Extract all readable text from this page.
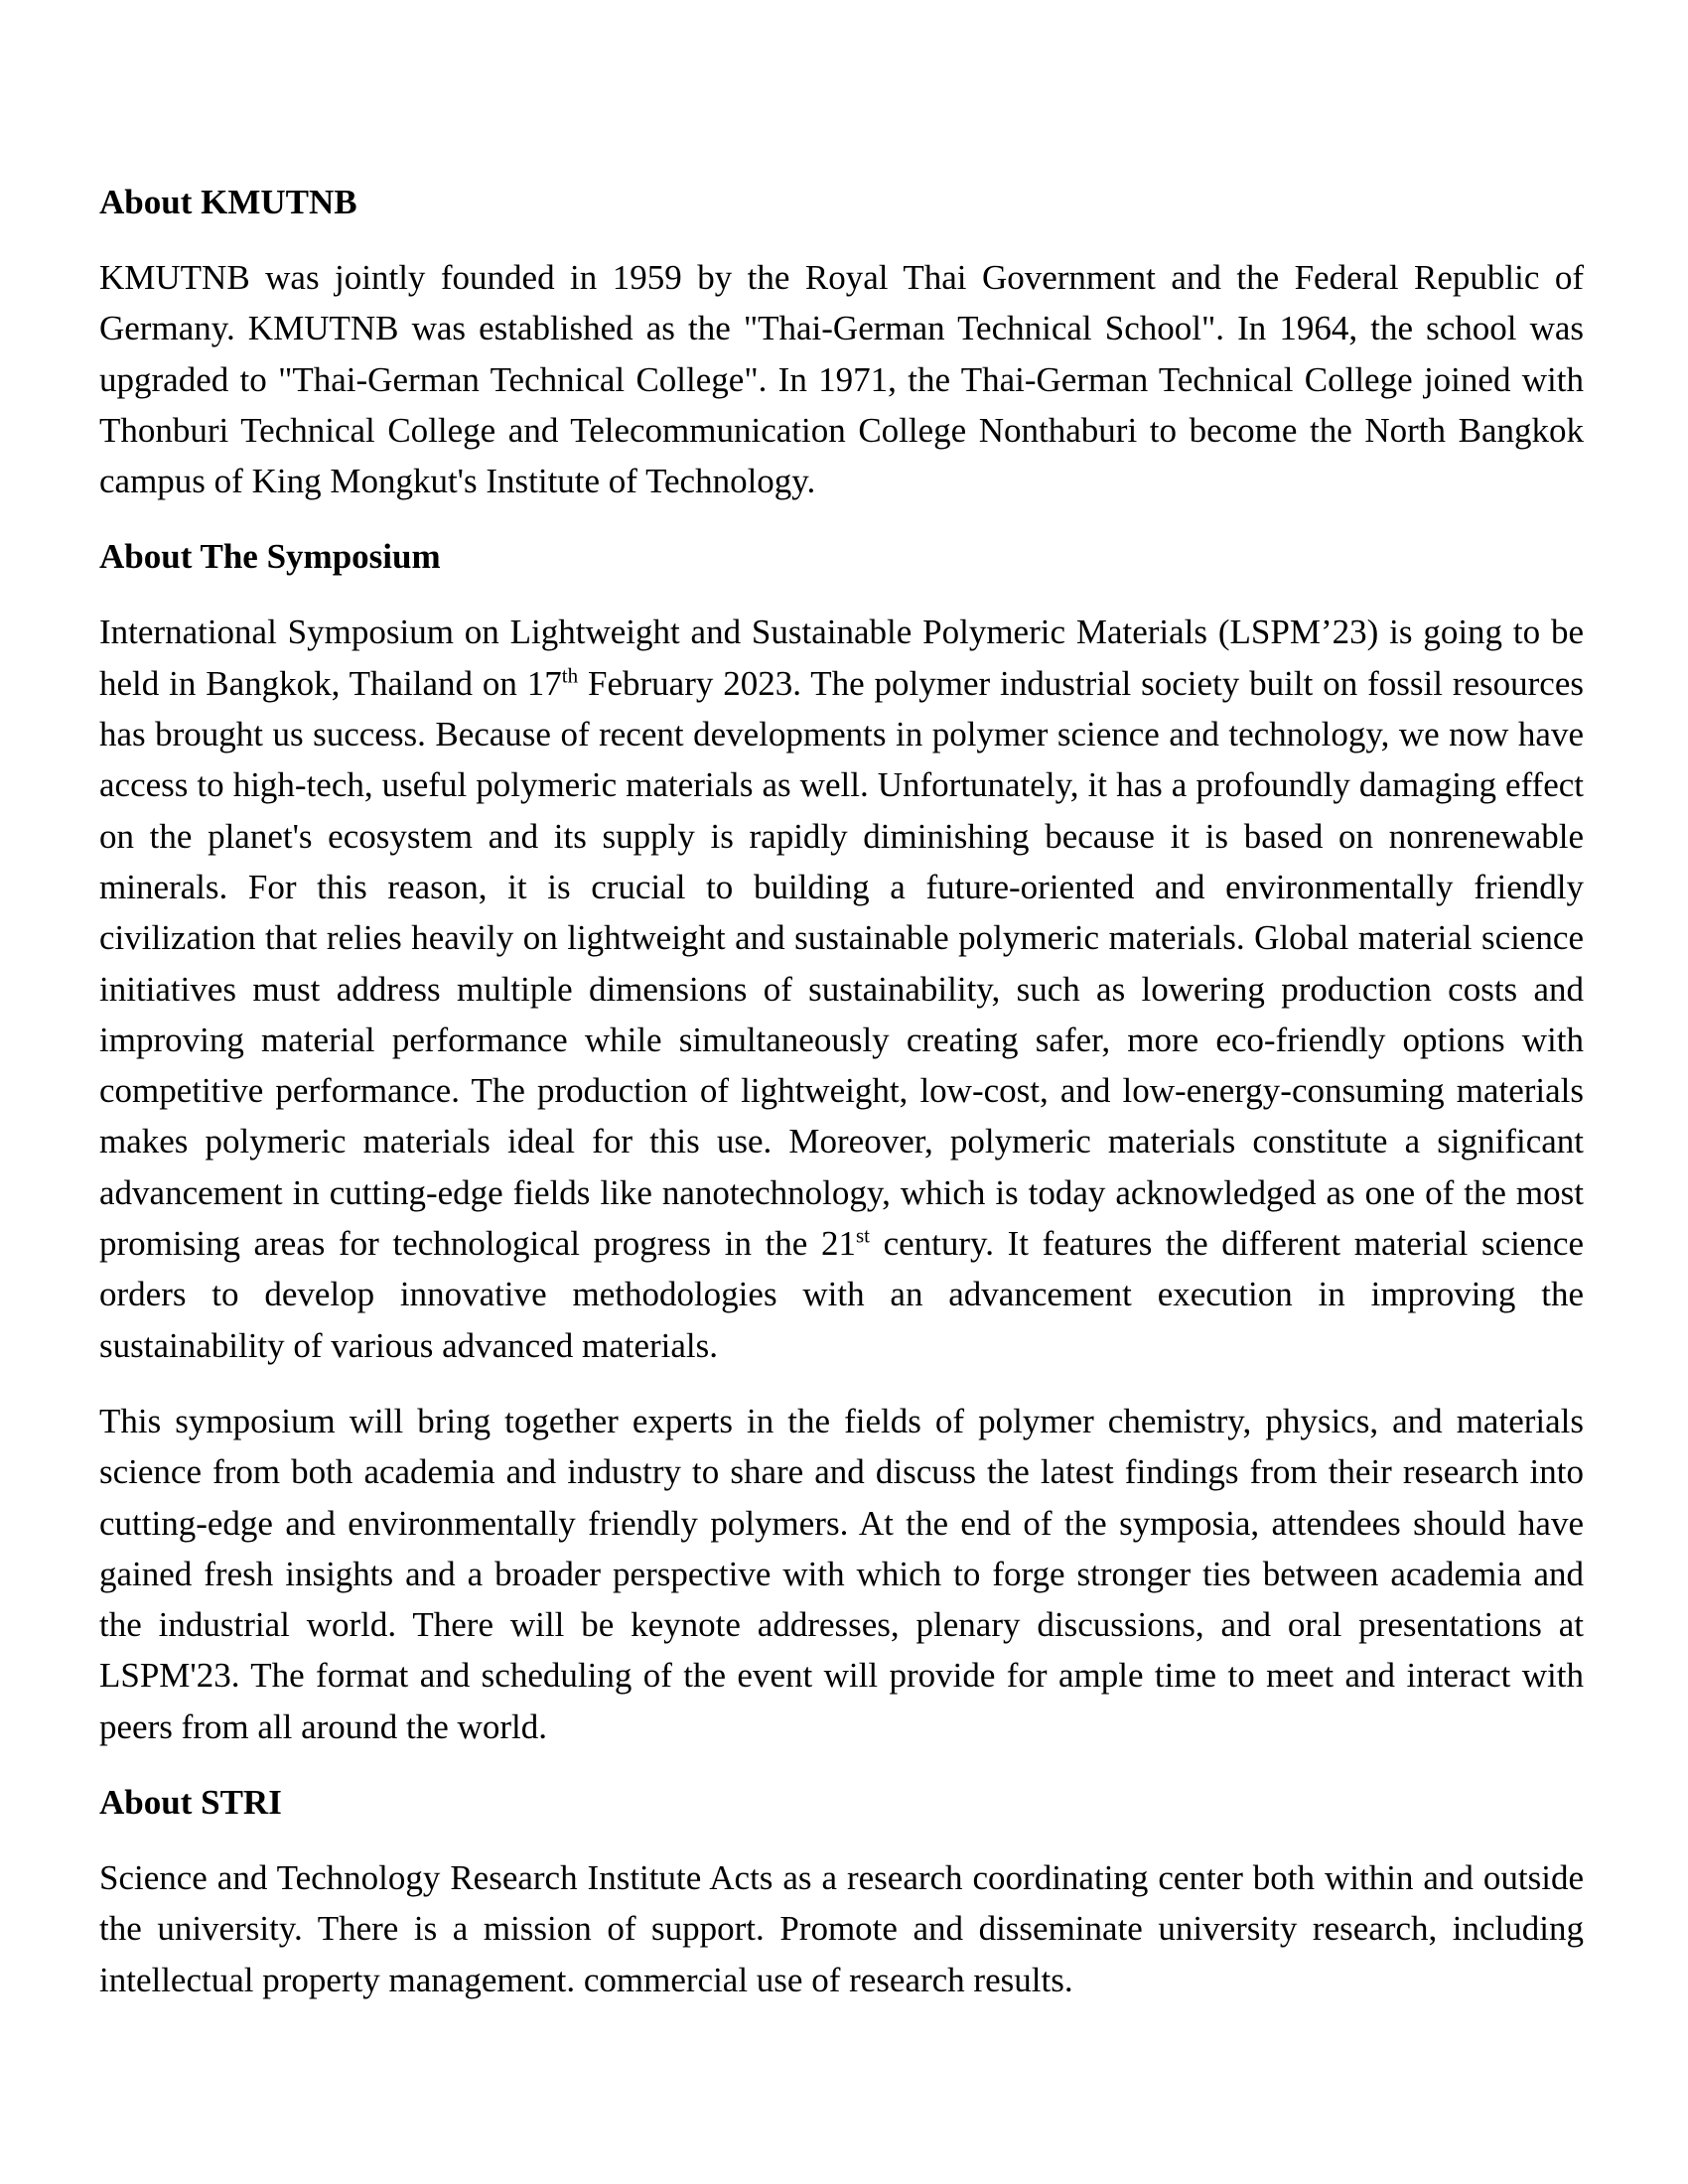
About KMUTNB

KMUTNB was jointly founded in 1959 by the Royal Thai Government and the Federal Republic of Germany. KMUTNB was established as the "Thai-German Technical School". In 1964, the school was upgraded to "Thai-German Technical College". In 1971, the Thai-German Technical College joined with Thonburi Technical College and Telecommunication College Nonthaburi to become the North Bangkok campus of King Mongkut's Institute of Technology.

About The Symposium

International Symposium on Lightweight and Sustainable Polymeric Materials (LSPM’23) is going to be held in Bangkok, Thailand on 17th February 2023. The polymer industrial society built on fossil resources has brought us success. Because of recent developments in polymer science and technology, we now have access to high-tech, useful polymeric materials as well. Unfortunately, it has a profoundly damaging effect on the planet's ecosystem and its supply is rapidly diminishing because it is based on nonrenewable minerals. For this reason, it is crucial to building a future-oriented and environmentally friendly civilization that relies heavily on lightweight and sustainable polymeric materials. Global material science initiatives must address multiple dimensions of sustainability, such as lowering production costs and improving material performance while simultaneously creating safer, more eco-friendly options with competitive performance. The production of lightweight, low-cost, and low-energy-consuming materials makes polymeric materials ideal for this use. Moreover, polymeric materials constitute a significant advancement in cutting-edge fields like nanotechnology, which is today acknowledged as one of the most promising areas for technological progress in the 21st century. It features the different material science orders to develop innovative methodologies with an advancement execution in improving the sustainability of various advanced materials.

This symposium will bring together experts in the fields of polymer chemistry, physics, and materials science from both academia and industry to share and discuss the latest findings from their research into cutting-edge and environmentally friendly polymers. At the end of the symposia, attendees should have gained fresh insights and a broader perspective with which to forge stronger ties between academia and the industrial world. There will be keynote addresses, plenary discussions, and oral presentations at LSPM'23. The format and scheduling of the event will provide for ample time to meet and interact with peers from all around the world.

About STRI

Science and Technology Research Institute Acts as a research coordinating center both within and outside the university. There is a mission of support. Promote and disseminate university research, including intellectual property management. commercial use of research results.
